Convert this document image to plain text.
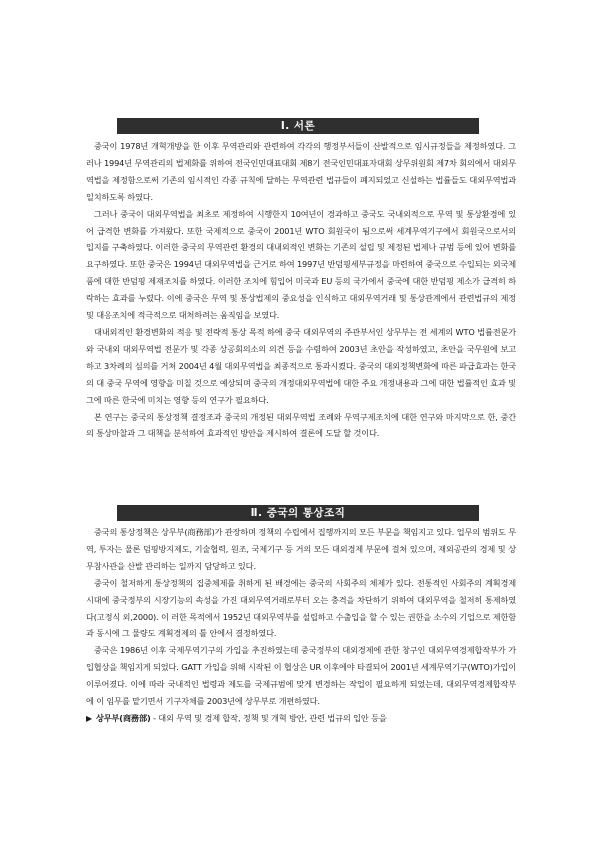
Ⅰ. 서론

중국이 1978년 개혁개방을 한 이후 무역관리와 관련하여 각각의 행정부서들이 산발적으로 임시규정들을 제정하였다. 그러나 1994년 무역관리의 법제화를 위하여 전국인민대표대회 제8기 전국인민대표자대회 상무위원회 제7차 회의에서 대외무역법을 제정함으로써 기존의 임시적인 각종 규칙에 달하는 무역관련 법규들이 폐지되었고 신설하는 법률들도 대외무역법과 일치하도록 하였다.

그러나 중국이 대외무역법을 최초로 제정하여 시행한지 10여년이 경과하고 중국도 국내외적으로 무역 및 통상환경에 있어 급격한 변화를 가져왔다. 또한 국제적으로 중국이 2001년 WTO 회원국이 됨으로써 세계무역기구에서 회원국으로서의 입지를 구축하였다. 이러한 중국의 무역관련 환경의 대내외적인 변화는 기존의 설립 및 제정된 법제나 규범 등에 있어 변화를 요구하였다. 또한 중국은 1994년 대외무역법을 근거로 하여 1997년 반덤핑세부규정을 마련하여 중국으로 수입되는 외국제품에 대한 반덤핑 제재조치를 하였다. 이러한 조치에 힘입어 미국과 EU 등의 국가에서 중국에 대한 반덤핑 제소가 급격히 하락하는 효과를 누렸다. 이에 중국은 무역 및 통상법제의 중요성을 인식하고 대외무역거래 및 통상관계에서 관련법규의 제정 및 대응조치에 적극적으로 대처하려는 움직임을 보였다.

대내외적인 환경변화의 적응 및 전략적 통상 목적 하에 중국 대외무역의 주관부서인 상무부는 전 세계의 WTO 법률전문가와 국내외 대외무역법 전문가 및 각종 상공회의소의 의견 등을 수렴하여 2003년 초안을 작성하였고, 초안을 국무원에 보고하고 3차례의 심의를 거쳐 2004년 4월 대외무역법을 최종적으로 통과시켰다. 중국의 대외정책변화에 따른 파급효과는 한국의 대 중국 무역에 영향을 미칠 것으로 예상되며 중국의 개정대외무역법에 대한 주요 개정내용과 그에 대한 법률적인 효과 및 그에 따른 한국에 미치는 영향 등의 연구가 필요하다.

본 연구는 중국의 통상정책 결정조과 중국의 개정된 대외무역법 조례와 무역구제조치에 대한 연구와 마지막으로 한, 중간의 통상마찰과 그 대책을 분석하여 효과적인 방안을 제시하여 결론에 도달 할 것이다.

Ⅱ. 중국의 통상조직

중국의 통상정책은 상무부(商務部)가 관장하며 정책의 수립에서 집행까지의 모든 부문을 책임지고 있다. 업무의 범위도 무역, 투자는 물론 덤핑방지제도, 기술협력, 원조, 국제기구 등 거의 모든 대외경제 부문에 걸쳐 있으며, 재외공관의 경제 및 상무참사관을 산발 관리하는 일까지 담당하고 있다.

중국이 철저하게 통상정책의 집중체제를 취하게 된 배경에는 중국의 사회주의 체제가 있다. 전통적인 사회주의 계획경제 시대에 중국정부의 시장기능의 속성을 가진 대외무역거래로부터 오는 충격을 차단하기 위하여 대외무역을 철저히 통제하였다(고정식 외,2000). 이 러한 목적에서 1952년 대외무역부를 설립하고 수출입을 할 수 있는 권한을 소수의 기업으로 제한함과 동시에 그 물량도 계획경제의 틀 안에서 결정하였다.

중국은 1986년 이후 국제무역기구의 가입을 추진하였는데 중국정부의 대외경제에 관한 창구인 대외무역경제합작부가 가입협상을 책임지게 되었다. GATT 가입을 위해 시작된 이 협상은 UR 이후에야 타결되어 2001년 세계무역기구(WTO)가입이 이루어졌다. 이에 따라 국내적인 법령과 제도를 국제규범에 맞게 변경하는 작업이 필요하게 되었는데, 대외무역경제합작부에 이 임무를 맡기면서 기구자체를 2003년에 상무부로 개편하였다.

▶ 상무부(商務部) - 대외 무역 및 경제 합작, 정책 및 개혁 방안, 관련 법규의 입안 등을
